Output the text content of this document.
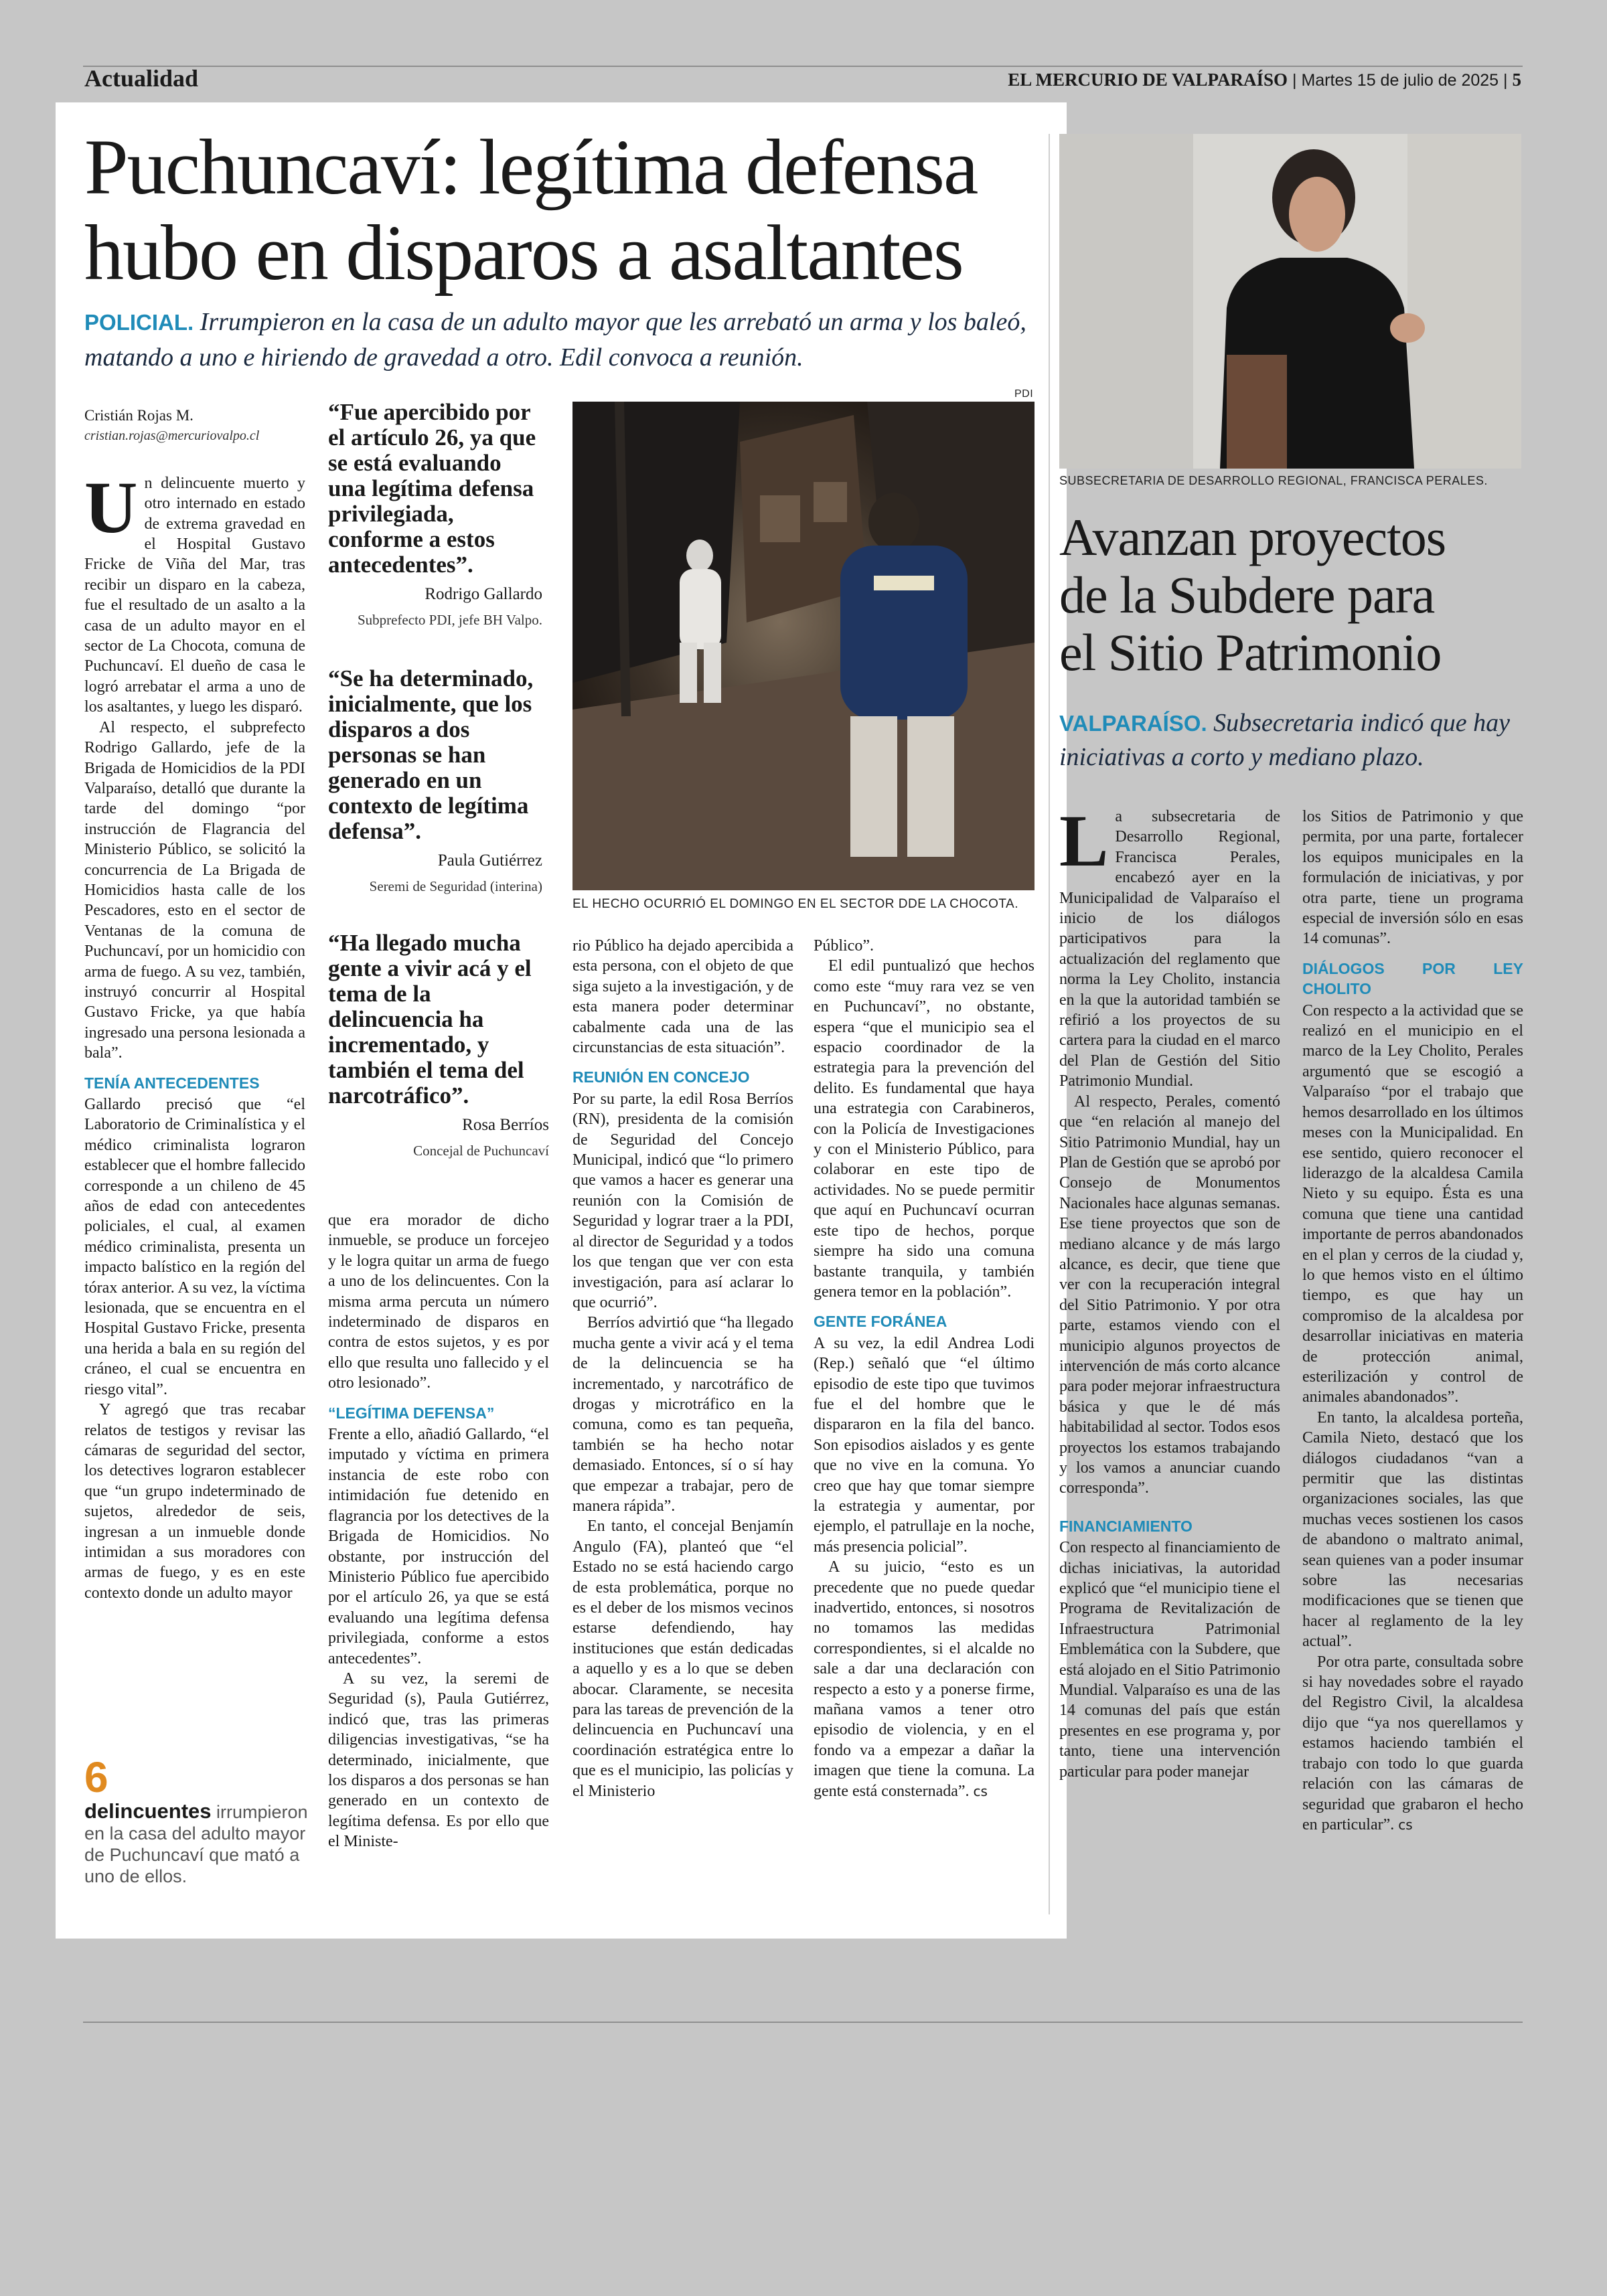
Actualidad	EL MERCURIO DE VALPARAÍSO | Martes 15 de julio de 2025 | 5
Puchuncaví: legítima defensa
hubo en disparos a asaltantes
POLICIAL. Irrumpieron en la casa de un adulto mayor que les arrebató un arma y los baleó, matando a uno e hiriendo de gravedad a otro. Edil convoca a reunión.
Cristián Rojas M.
cristian.rojas@mercuriovalpo.cl

Un delincuente muerto y otro internado en estado de extrema gravedad en el Hospital Gustavo Fricke de Viña del Mar, tras recibir un disparo en la cabeza, fue el resultado de un asalto a la casa de un adulto mayor en el sector de La Chocota, comuna de Puchuncaví. El dueño de casa le logró arrebatar el arma a uno de los asaltantes, y luego les disparó.

Al respecto, el subprefecto Rodrigo Gallardo, jefe de la Brigada de Homicidios de la PDI Valparaíso, detalló que durante la tarde del domingo “por instrucción de Flagrancia del Ministerio Público, se solicitó la concurrencia de La Brigada de Homicidios hasta calle de los Pescadores, esto en el sector de Ventanas de la comuna de Puchuncaví, por un homicidio con arma de fuego. A su vez, también, instruyó concurrir al Hospital Gustavo Fricke, ya que había ingresado una persona lesionada a bala”.

TENÍA ANTECEDENTES

Gallardo precisó que “el Laboratorio de Criminalística y el médico criminalista lograron establecer que el hombre fallecido corresponde a un chileno de 45 años de edad con antecedentes policiales, el cual, al examen médico criminalista, presenta un impacto balístico en la región del tórax anterior. A su vez, la víctima lesionada, que se encuentra en el Hospital Gustavo Fricke, presenta una herida a bala en su región del cráneo, el cual se encuentra en riesgo vital”.

Y agregó que tras recabar relatos de testigos y revisar las cámaras de seguridad del sector, los detectives lograron establecer que “un grupo indeterminado de sujetos, alrededor de seis, ingresan a un inmueble donde intimidan a sus moradores con armas de fuego, y es en este contexto donde un adulto mayor

6
delincuentes irrumpieron en la casa del adulto mayor de Puchuncaví que mató a uno de ellos.
“Fue apercibido por el artículo 26, ya que se está evaluando una legítima defensa privilegiada, conforme a estos antecedentes”.
Rodrigo Gallardo
Subprefecto PDI, jefe BH Valpo.
“Se ha determinado, inicialmente, que los disparos a dos personas se han generado en un contexto de legítima defensa”.
Paula Gutiérrez
Seremi de Seguridad (interina)
“Ha llegado mucha gente a vivir acá y el tema de la delincuencia ha incrementado, y también el tema del narcotráfico”.
Rosa Berríos
Concejal de Puchuncaví

que era morador de dicho inmueble, se produce un forcejeo y le logra quitar un arma de fuego a uno de los delincuentes. Con la misma arma percuta un número indeterminado de disparos en contra de estos sujetos, y es por ello que resulta uno fallecido y el otro lesionado”.

“LEGÍTIMA DEFENSA”

Frente a ello, añadió Gallardo, “el imputado y víctima en primera instancia de este robo con intimidación fue detenido en flagrancia por los detectives de la Brigada de Homicidios. No obstante, por instrucción del Ministerio Público fue apercibido por el artículo 26, ya que se está evaluando una legítima defensa privilegiada, conforme a estos antecedentes”.

A su vez, la seremi de Seguridad (s), Paula Gutiérrez, indicó que, tras las primeras diligencias investigativas, “se ha determinado, inicialmente, que los disparos a dos personas se han generado en un contexto de legítima defensa. Es por ello que el Ministe-

PDI
EL HECHO OCURRIÓ EL DOMINGO EN EL SECTOR DDE LA CHOCOTA.

rio Público ha dejado apercibida a esta persona, con el objeto de que siga sujeto a la investigación, y de esta manera poder determinar cabalmente cada una de las circunstancias de esta situación”.

REUNIÓN EN CONCEJO

Por su parte, la edil Rosa Berríos (RN), presidenta de la comisión de Seguridad del Concejo Municipal, indicó que “lo primero que vamos a hacer es generar una reunión con la Comisión de Seguridad y lograr traer a la PDI, al director de Seguridad y a todos los que tengan que ver con esta investigación, para así aclarar lo que ocurrió”.

Berríos advirtió que “ha llegado mucha gente a vivir acá y el tema de la delincuencia se ha incrementado, y narcotráfico de drogas y microtráfico en la comuna, como es tan pequeña, también se ha hecho notar demasiado. Entonces, sí o sí hay que empezar a trabajar, pero de manera rápida”.

En tanto, el concejal Benjamín Angulo (FA), planteó que “el Estado no se está haciendo cargo de esta problemática, porque no es el deber de los mismos vecinos estarse defendiendo, hay instituciones que están dedicadas a aquello y es a lo que se deben abocar. Claramente, se necesita para las tareas de prevención de la delincuencia en Puchuncaví una coordinación estratégica entre lo que es el municipio, las policías y el Ministerio

Público”.

El edil puntualizó que hechos como este “muy rara vez se ven en Puchuncaví”, no obstante, espera “que el municipio sea el espacio coordinador de la estrategia para la prevención del delito. Es fundamental que haya una estrategia con Carabineros, con la Policía de Investigaciones y con el Ministerio Público, para colaborar en este tipo de actividades. No se puede permitir que aquí en Puchuncaví ocurran este tipo de hechos, porque siempre ha sido una comuna bastante tranquila, y también genera temor en la población”.

GENTE FORÁNEA

A su vez, la edil Andrea Lodi (Rep.) señaló que “el último episodio de este tipo que tuvimos fue el del hombre que le dispararon en la fila del banco. Son episodios aislados y es gente que no vive en la comuna. Yo creo que hay que tomar siempre la estrategia y aumentar, por ejemplo, el patrullaje en la noche, más presencia policial”.

A su juicio, “esto es un precedente que no puede quedar inadvertido, entonces, si nosotros no tomamos las medidas correspondientes, si el alcalde no sale a dar una declaración con respecto a esto y a ponerse firme, mañana vamos a tener otro episodio de violencia, y en el fondo va a empezar a dañar la imagen que tiene la comuna. La gente está consternada”. cs

SUBSECRETARIA DE DESARROLLO REGIONAL, FRANCISCA PERALES.
Avanzan proyectos
de la Subdere para
el Sitio Patrimonio
VALPARAÍSO. Subsecretaria indicó que hay iniciativas a corto y mediano plazo.

La subsecretaria de Desarrollo Regional, Francisca Perales, encabezó ayer en la Municipalidad de Valparaíso el inicio de los diálogos participativos para la actualización del reglamento que norma la Ley Cholito, instancia en la que la autoridad también se refirió a los proyectos de su cartera para la ciudad en el marco del Plan de Gestión del Sitio Patrimonio Mundial.

Al respecto, Perales, comentó que “en relación al manejo del Sitio Patrimonio Mundial, hay un Plan de Gestión que se aprobó por Consejo de Monumentos Nacionales hace algunas semanas. Ese tiene proyectos que son de mediano alcance y de más largo alcance, es decir, que tiene que ver con la recuperación integral del Sitio Patrimonio. Y por otra parte, estamos viendo con el municipio algunos proyectos de intervención de más corto alcance para poder mejorar infraestructura básica y que le dé más habitabilidad al sector. Todos esos proyectos los estamos trabajando y los vamos a anunciar cuando corresponda”.

FINANCIAMIENTO

Con respecto al financiamiento de dichas iniciativas, la autoridad explicó que “el municipio tiene el Programa de Revitalización de Infraestructura Patrimonial Emblemática con la Subdere, que está alojado en el Sitio Patrimonio Mundial. Valparaíso es una de las 14 comunas del país que están presentes en ese programa y, por tanto, tiene una intervención particular para poder manejar

los Sitios de Patrimonio y que permita, por una parte, fortalecer los equipos municipales en la formulación de iniciativas, y por otra parte, tiene un programa especial de inversión sólo en esas 14 comunas”.

DIÁLOGOS POR LEY CHOLITO

Con respecto a la actividad que se realizó en el municipio en el marco de la Ley Cholito, Perales argumentó que se escogió a Valparaíso “por el trabajo que hemos desarrollado en los últimos meses con la Municipalidad. En ese sentido, quiero reconocer el liderazgo de la alcaldesa Camila Nieto y su equipo. Ésta es una comuna que tiene una cantidad importante de perros abandonados en el plan y cerros de la ciudad y, lo que hemos visto en el último tiempo, es que hay un compromiso de la alcaldesa por desarrollar iniciativas en materia de protección animal, esterilización y control de animales abandonados”.

En tanto, la alcaldesa porteña, Camila Nieto, destacó que los diálogos ciudadanos “van a permitir que las distintas organizaciones sociales, las que muchas veces sostienen los casos de abandono o maltrato animal, sean quienes van a poder insumar sobre las necesarias modificaciones que se tienen que hacer al reglamento de la ley actual”.

Por otra parte, consultada sobre si hay novedades sobre el rayado del Registro Civil, la alcaldesa dijo que “ya nos querellamos y estamos haciendo también el trabajo con todo lo que guarda relación con las cámaras de seguridad que grabaron el hecho en particular”. cs
